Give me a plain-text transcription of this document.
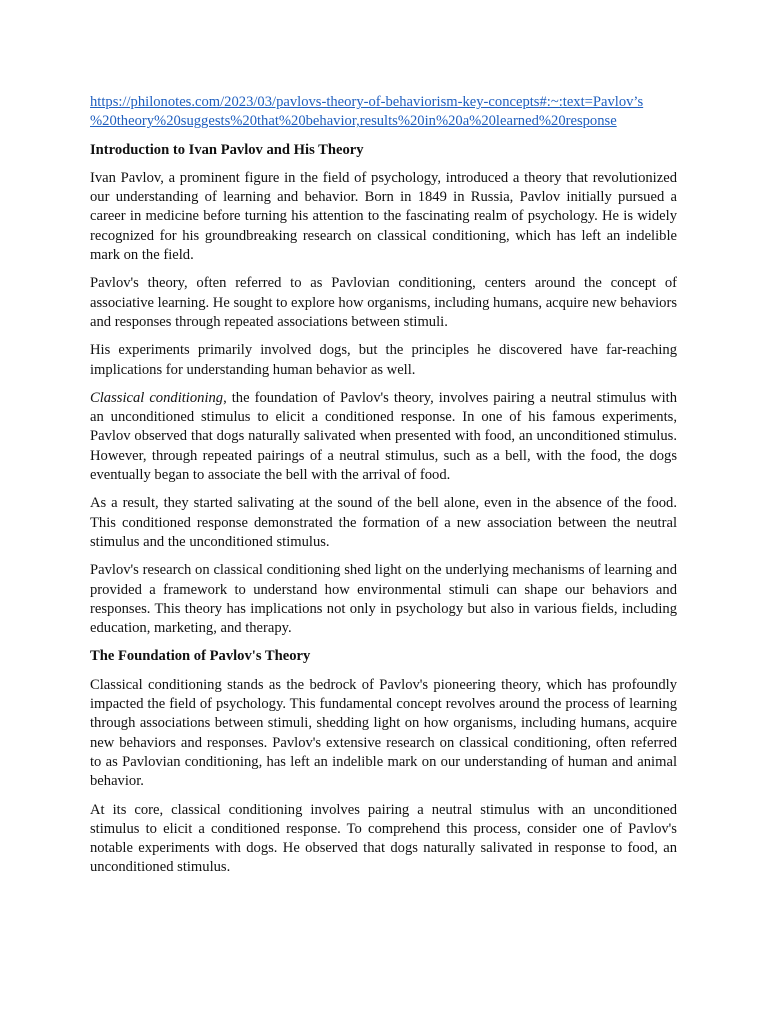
https://philonotes.com/2023/03/pavlovs-theory-of-behaviorism-key-concepts#:~:text=Pavlov’s
%20theory%20suggests%20that%20behavior,results%20in%20a%20learned%20response
Introduction to Ivan Pavlov and His Theory

Ivan Pavlov, a prominent figure in the field of psychology, introduced a theory that revolutionized our understanding of learning and behavior. Born in 1849 in Russia, Pavlov initially pursued a career in medicine before turning his attention to the fascinating realm of psychology. He is widely recognized for his groundbreaking research on classical conditioning, which has left an indelible mark on the field.

Pavlov's theory, often referred to as Pavlovian conditioning, centers around the concept of associative learning. He sought to explore how organisms, including humans, acquire new behaviors and responses through repeated associations between stimuli.

His experiments primarily involved dogs, but the principles he discovered have far-reaching implications for understanding human behavior as well.

Classical conditioning, the foundation of Pavlov's theory, involves pairing a neutral stimulus with an unconditioned stimulus to elicit a conditioned response. In one of his famous experiments, Pavlov observed that dogs naturally salivated when presented with food, an unconditioned stimulus. However, through repeated pairings of a neutral stimulus, such as a bell, with the food, the dogs eventually began to associate the bell with the arrival of food.

As a result, they started salivating at the sound of the bell alone, even in the absence of the food. This conditioned response demonstrated the formation of a new association between the neutral stimulus and the unconditioned stimulus.

Pavlov's research on classical conditioning shed light on the underlying mechanisms of learning and provided a framework to understand how environmental stimuli can shape our behaviors and responses. This theory has implications not only in psychology but also in various fields, including education, marketing, and therapy.

The Foundation of Pavlov's Theory

Classical conditioning stands as the bedrock of Pavlov's pioneering theory, which has profoundly impacted the field of psychology. This fundamental concept revolves around the process of learning through associations between stimuli, shedding light on how organisms, including humans, acquire new behaviors and responses. Pavlov's extensive research on classical conditioning, often referred to as Pavlovian conditioning, has left an indelible mark on our understanding of human and animal behavior.

At its core, classical conditioning involves pairing a neutral stimulus with an unconditioned stimulus to elicit a conditioned response. To comprehend this process, consider one of Pavlov's notable experiments with dogs. He observed that dogs naturally salivated in response to food, an unconditioned stimulus.
